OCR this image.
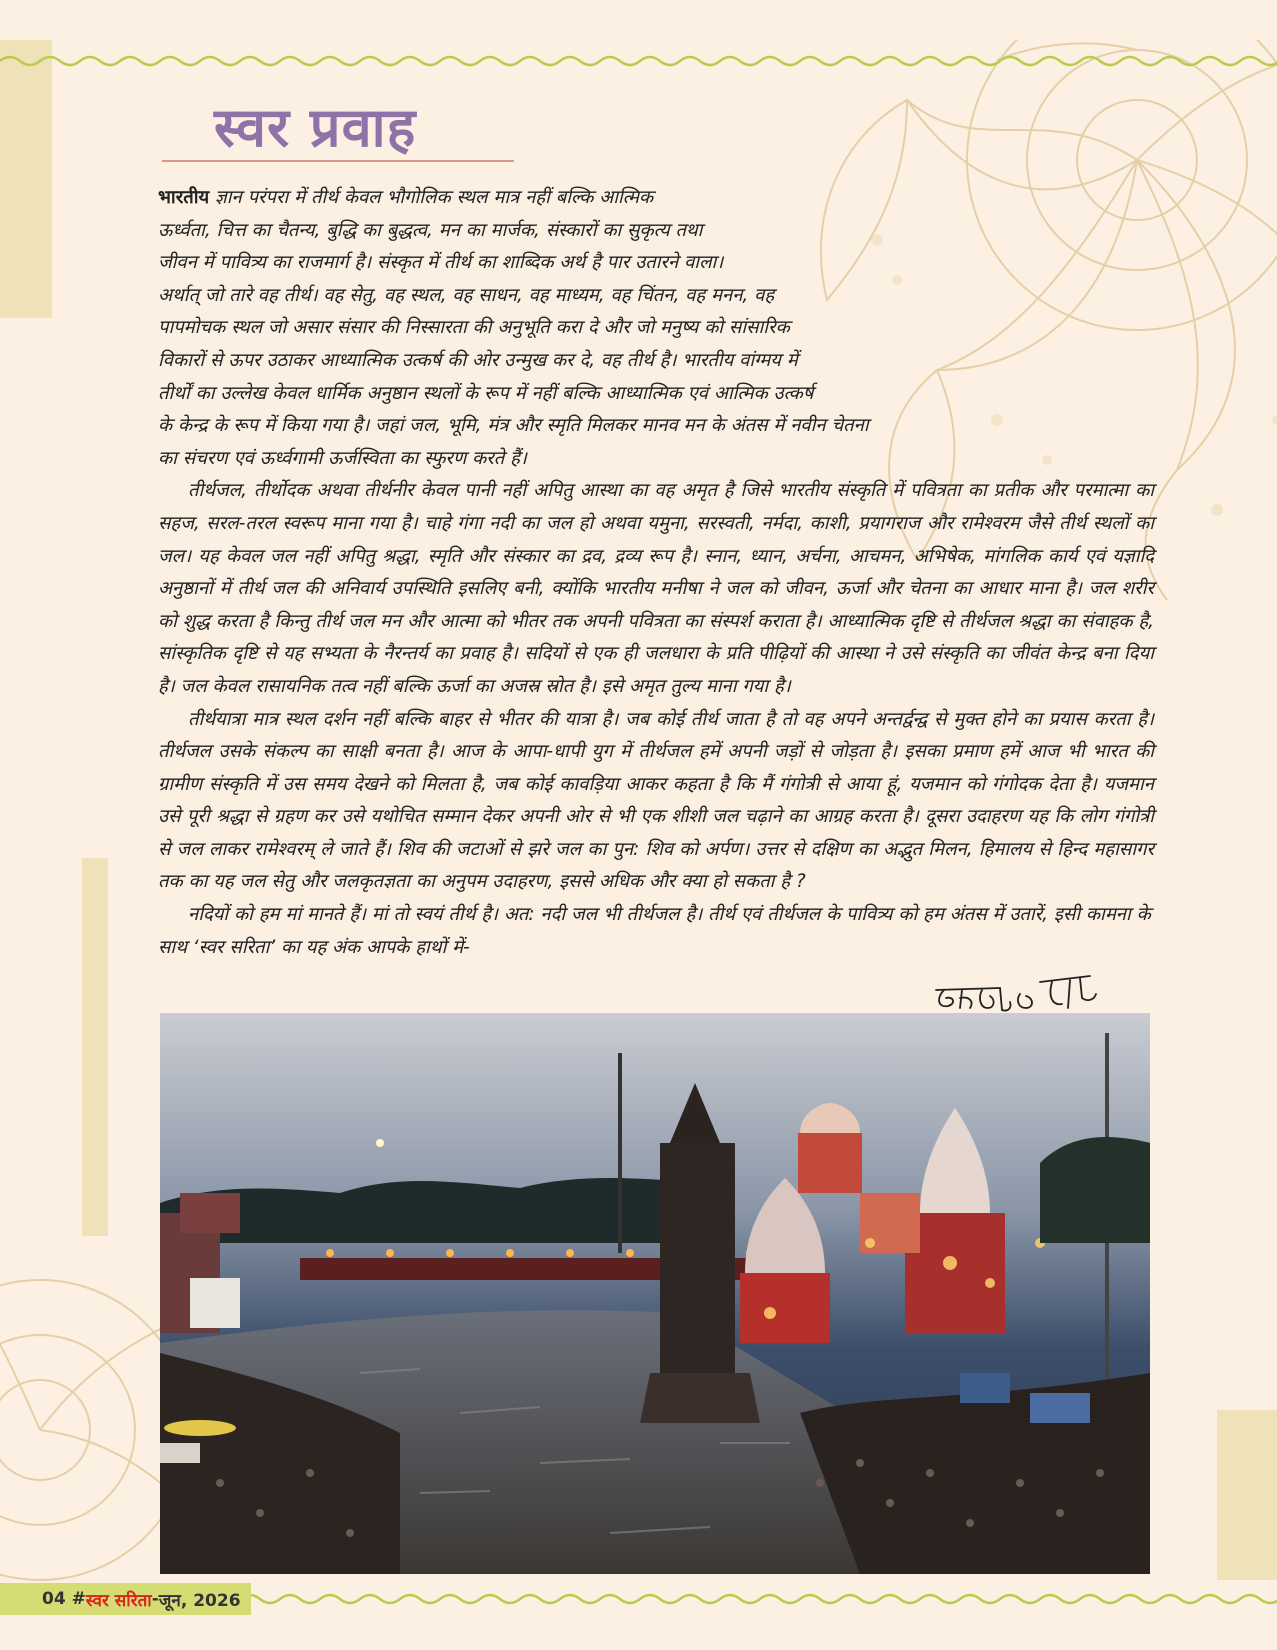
स्वर प्रवाह

भारतीय ज्ञान परंपरा में तीर्थ केवल भौगोलिक स्थल मात्र नहीं बल्कि आत्मिक
ऊर्ध्वता, चित्त का चैतन्य, बुद्धि का बुद्धत्व, मन का मार्जक, संस्कारों का सुकृत्य तथा
जीवन में पावित्र्य का राजमार्ग है। संस्कृत में तीर्थ का शाब्दिक अर्थ है पार उतारने वाला।
अर्थात् जो तारे वह तीर्थ। वह सेतु, वह स्थल, वह साधन, वह माध्यम, वह चिंतन, वह मनन, वह
पापमोचक स्थल जो असार संसार की निस्सारता की अनुभूति करा दे और जो मनुष्य को सांसारिक
विकारों से ऊपर उठाकर आध्यात्मिक उत्कर्ष की ओर उन्मुख कर दे, वह तीर्थ है। भारतीय वांग्मय में
तीर्थों का उल्लेख केवल धार्मिक अनुष्ठान स्थलों के रूप में नहीं बल्कि आध्यात्मिक एवं आत्मिक उत्कर्ष
के केन्द्र के रूप में किया गया है। जहां जल, भूमि, मंत्र और स्मृति मिलकर मानव मन के अंतस में नवीन चेतना
का संचरण एवं ऊर्ध्वगामी ऊर्जस्विता का स्फुरण करते हैं।

तीर्थजल, तीर्थोदक अथवा तीर्थनीर केवल पानी नहीं अपितु आस्था का वह अमृत है जिसे भारतीय संस्कृति में पवित्रता का प्रतीक और परमात्मा का सहज, सरल-तरल स्वरूप माना गया है। चाहे गंगा नदी का जल हो अथवा यमुना, सरस्वती, नर्मदा, काशी, प्रयागराज और रामेश्वरम जैसे तीर्थ स्थलों का जल। यह केवल जल नहीं अपितु श्रद्धा, स्मृति और संस्कार का द्रव, द्रव्य रूप है। स्नान, ध्यान, अर्चना, आचमन, अभिषेक, मांगलिक कार्य एवं यज्ञादि अनुष्ठानों में तीर्थ जल की अनिवार्य उपस्थिति इसलिए बनी, क्योंकि भारतीय मनीषा ने जल को जीवन, ऊर्जा और चेतना का आधार माना है। जल शरीर को शुद्ध करता है किन्तु तीर्थ जल मन और आत्मा को भीतर तक अपनी पवित्रता का संस्पर्श कराता है। आध्यात्मिक दृष्टि से तीर्थजल श्रद्धा का संवाहक है, सांस्कृतिक दृष्टि से यह सभ्यता के नैरन्तर्य का प्रवाह है। सदियों से एक ही जलधारा के प्रति पीढ़ियों की आस्था ने उसे संस्कृति का जीवंत केन्द्र बना दिया है। जल केवल रासायनिक तत्व नहीं बल्कि ऊर्जा का अजस्र स्रोत है। इसे अमृत तुल्य माना गया है।

तीर्थयात्रा मात्र स्थल दर्शन नहीं बल्कि बाहर से भीतर की यात्रा है। जब कोई तीर्थ जाता है तो वह अपने अन्तर्द्वन्द्व से मुक्त होने का प्रयास करता है। तीर्थजल उसके संकल्प का साक्षी बनता है। आज के आपा-धापी युग में तीर्थजल हमें अपनी जड़ों से जोड़ता है। इसका प्रमाण हमें आज भी भारत की ग्रामीण संस्कृति में उस समय देखने को मिलता है, जब कोई कावड़िया आकर कहता है कि मैं गंगोत्री से आया हूं, यजमान को गंगोदक देता है। यजमान उसे पूरी श्रद्धा से ग्रहण कर उसे यथोचित सम्मान देकर अपनी ओर से भी एक शीशी जल चढ़ाने का आग्रह करता है। दूसरा उदाहरण यह कि लोग गंगोत्री से जल लाकर रामेश्वरम् ले जाते हैं। शिव की जटाओं से झरे जल का पुन: शिव को अर्पण। उत्तर से दक्षिण का अद्भुत मिलन, हिमालय से हिन्द महासागर तक का यह जल सेतु और जलकृतज्ञता का अनुपम उदाहरण, इससे अधिक और क्या हो सकता है ?

नदियों को हम मां मानते हैं। मां तो स्वयं तीर्थ है। अत: नदी जल भी तीर्थजल है। तीर्थ एवं तीर्थजल के पावित्र्य को हम अंतस में उतारें, इसी कामना के साथ ‘स्वर सरिता’ का यह अंक आपके हाथों में-

04 # स्वर सरिता - जून, 2026
